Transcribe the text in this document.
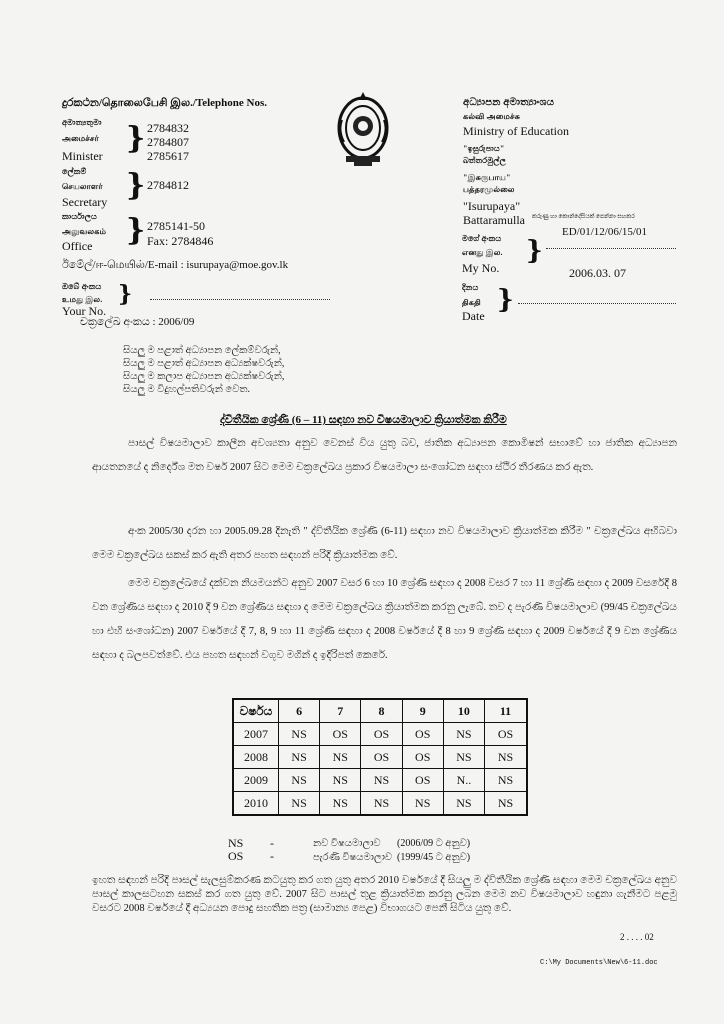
දුරකථන/தொலைபேசி இல./Telephone Nos.
අමාත්‍යතුමා
அமைச்சர்
Minister } 2784832
2784807
2785617
ලේකම්
செயலாளர்
Secretary } 2784812
කාර්යාලය
அலுவலகம்
Office } 2785141-50
Fax: 2784846
ඊමේල්/ஈ-மெயில்/E-mail : isurupaya@moe.gov.lk
ඔබේ අංකය
உமது இல.
Your No.
}
චක්‍රලේඛ අංකය : 2006/09
අධ්‍යාපන අමාත්‍යාංශය
கல்வி அமைச்சு
Ministry of Education
"ඉසුරුපාය"
බත්තරමුල්ල
"இசுருபாய"
பத்தரமுல்லை
"Isurupaya"
Battaramulla කරුණු හා කොන්දේසියක් පෙන්නා සහකර
මගේ අංකය
எனது இல.
My No.
}
ED/01/12/06/15/01
2006.03. 07
දිනය
திகதி
Date
}
සියලු ම පළාත් අධ්‍යාපන ලේකම්වරුන්,
සියලු ම පළාත් අධ්‍යාපන අධ්‍යක්ෂවරුන්,
සියලු ම කලාප අධ්‍යාපන අධ්‍යක්ෂවරුන්,
සියලු ම විදුහල්පතිවරුන් වෙත.
ද්විතීයික ශ්‍රේණි (6 – 11) සඳහා නව විෂයමාලාව ක්‍රියාත්මක කිරීම
පාසල් විෂයමාලාව කාලීන අවශ්‍යතා අනුව වෙනස් විය යුතු බව, ජාතික අධ්‍යාපන කොමිෂන් සභාවේ හා ජාතික අධ්‍යාපන ආයතනයේ ද නිර්දේශ මත වර්ෂ 2007 සිට මෙම චක්‍රලේඛය ප්‍රකාර විෂයමාලා සංශෝධන සඳහා ස්ථිර තීරණය කර ඇත.
අංක 2005/30 දරන හා 2005.09.28 දිනැති " ද්විතීයික ශ්‍රේණි (6-11) සඳහා නව විෂයමාලාව ක්‍රියාත්මක කිරීම " චක්‍රලේඛය අභිබවා මෙම චක්‍රලේඛය සකස් කර ඇති අතර පහත සඳහන් පරිදි ක්‍රියාත්මක වේ.
මෙම චක්‍රලේඛයේ දක්වන නියමයන්ට අනුව 2007 වසර 6 හා 10 ශ්‍රේණි සඳහා ද 2008 වසර 7 හා 11 ශ්‍රේණි සඳහා ද 2009 වසරේදී 8 වන ශ්‍රේණිය සඳහා ද 2010 දී 9 වන ශ්‍රේණිය සඳහා ද මෙම චක්‍රලේඛය ක්‍රියාත්මක කරනු ලැබේ. තව ද පැරණි විෂයමාලාව (99/45 චක්‍රලේඛය හා එහි සංශෝධන) 2007 වර්ෂයේ දී 7, 8, 9 හා 11 ශ්‍රේණි සඳහා ද 2008 වර්ෂයේ දී 8 හා 9 ශ්‍රේණි සඳහා ද 2009 වර්ෂයේ දී 9 වන ශ්‍රේණිය සඳහා ද බලපවත්වේ. එය පහත සඳහන් වගුව මගින් ද ඉදිරිපත් කෙරේ.
වර්ෂය	6	7	8	9	10	11
2007	NS	OS	OS	OS	NS	OS
2008	NS	NS	OS	OS	NS	NS
2009	NS	NS	NS	OS	N..	NS
2010	NS	NS	NS	NS	NS	NS
NS -	නව විෂයමාලාව (2006/09 ට අනුව)
OS -	පැරණි විෂයමාලාව (1999/45 ට අනුව)
ඉහත සඳහන් පරිදි පාසල් සැලසුම්කරණ කටයුතු කර ගත යුතු අතර 2010 වර්ෂයේ දී සියලු ම ද්විතීයික ශ්‍රේණි සඳහා මෙම චක්‍රලේඛය අනුව පාසල් කාලසටහන සකස් කර ගත යුතු වේ. 2007 සිට පාසල් තුළ ක්‍රියාත්මක කරනු ලබන මෙම නව විෂයමාලාව හඳුනා ගැනීමට පළමු වසරට 2008 වර්ෂයේ දී අධ්‍යයන පොදු සහතික පත්‍ර (සාමාන්‍ය පෙළ) විභාගයට පෙනී සිටිය යුතු වේ.
2 . . . . 02
C:\My Documents\New\6-11.doc
